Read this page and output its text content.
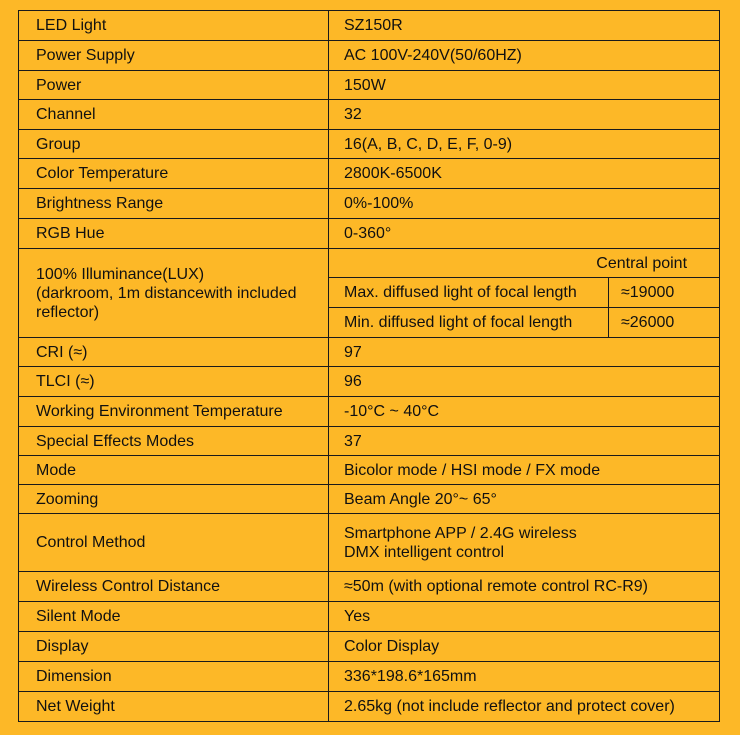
LED Light	SZ150R	
Power Supply	AC 100V-240V(50/60HZ)	
Power	150W	
Channel	32	
Group	16(A, B, C, D, E, F, 0-9)	
Color Temperature	2800K-6500K	
Brightness Range	0%-100%	
RGB Hue	0-360°	

100% Illuminance(LUX)
(darkroom, 1m distancewith included
reflector)	Central point	
	Max. diffused light of focal length	≈19000
	Min. diffused light of focal length	≈26000
CRI (≈)	97	
TLCI (≈)	96	
Working Environment Temperature	-10°C ~ 40°C	
Special Effects Modes	37	
Mode	Bicolor mode / HSI mode / FX mode	
Zooming	Beam Angle 20°~ 65°	
Control Method	Smartphone APP / 2.4G wireless
DMX intelligent control	

Wireless Control Distance	≈50m (with optional remote control RC-R9)	
Silent Mode	Yes	
Display	Color Display	
Dimension	336*198.6*165mm	
Net Weight	2.65kg (not include reflector and protect cover)	
